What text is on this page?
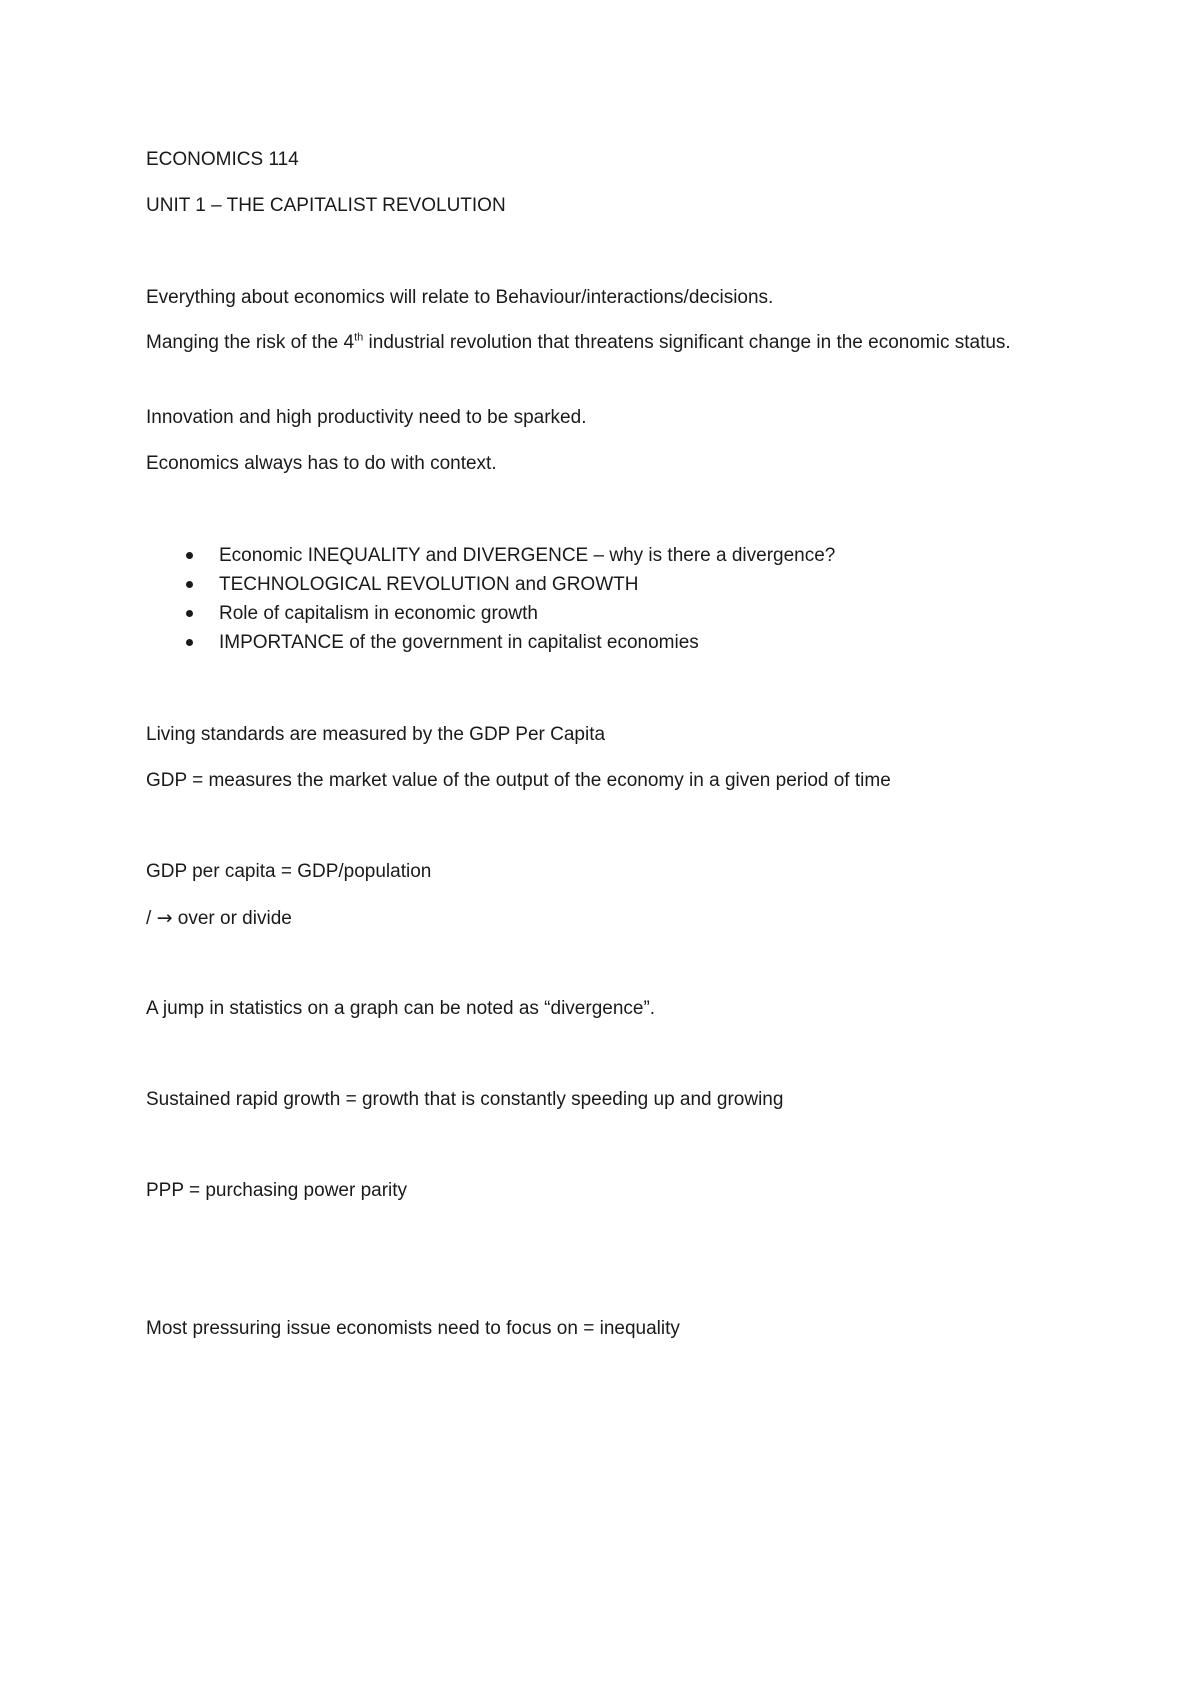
ECONOMICS 114

UNIT 1 – THE CAPITALIST REVOLUTION

Everything about economics will relate to Behaviour/interactions/decisions.

Manging the risk of the 4th industrial revolution that threatens significant change in the economic status.

Innovation and high productivity need to be sparked.

Economics always has to do with context.

Economic INEQUALITY and DIVERGENCE – why is there a divergence?
TECHNOLOGICAL REVOLUTION and GROWTH
Role of capitalism in economic growth
IMPORTANCE of the government in capitalist economies

Living standards are measured by the GDP Per Capita

GDP = measures the market value of the output of the economy in a given period of time

GDP per capita = GDP/population

/ → over or divide

A jump in statistics on a graph can be noted as “divergence”.

Sustained rapid growth = growth that is constantly speeding up and growing

PPP = purchasing power parity

Most pressuring issue economists need to focus on = inequality
